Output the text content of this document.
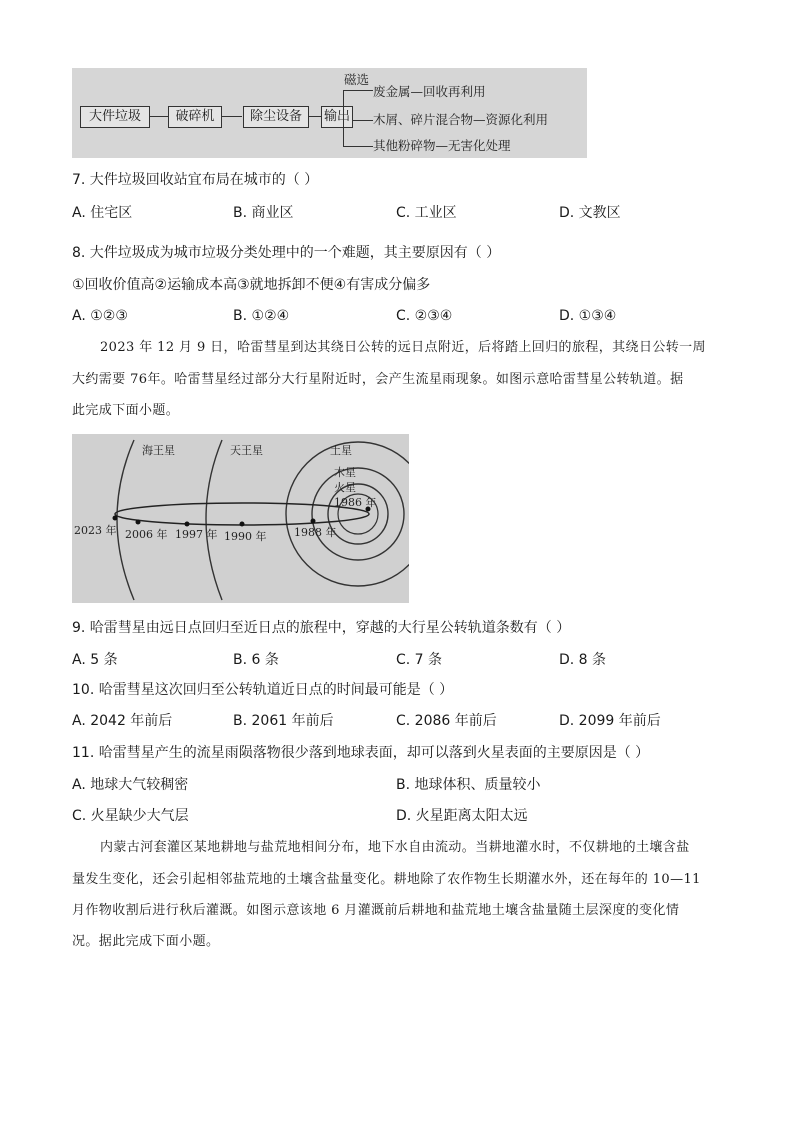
大件垃圾	破碎机	除尘设备	输出
磁选
废金属—回收再利用
木屑、碎片混合物—资源化利用
其他粉碎物—无害化处理
7. 大件垃圾回收站宜布局在城市的（ ）
A. 住宅区	B. 商业区	C. 工业区	D. 文教区
8. 大件垃圾成为城市垃圾分类处理中的一个难题，其主要原因有（ ）
①回收价值高②运输成本高③就地拆卸不便④有害成分偏多
A. ①②③	B. ①②④	C. ②③④	D. ①③④
2023 年 12 月 9 日，哈雷彗星到达其绕日公转的远日点附近，后将踏上回归的旅程，其绕日公转一周
大约需要 76年。哈雷彗星经过部分大行星附近时，会产生流星雨现象。如图示意哈雷彗星公转轨道。据
此完成下面小题。
海王星	天王星	土星
木星
火星
2023 年 2006 年 1997 年 1990 年	1988 年
1986 年
9. 哈雷彗星由远日点回归至近日点的旅程中，穿越的大行星公转轨道条数有（ ）
A. 5 条	B. 6 条	C. 7 条	D. 8 条
10. 哈雷彗星这次回归至公转轨道近日点的时间最可能是（ ）
A. 2042 年前后	B. 2061 年前后	C. 2086 年前后	D. 2099 年前后
11. 哈雷彗星产生的流星雨陨落物很少落到地球表面，却可以落到火星表面的主要原因是（ ）
A. 地球大气较稠密	B. 地球体积、质量较小
C. 火星缺少大气层	D. 火星距离太阳太远
内蒙古河套灌区某地耕地与盐荒地相间分布，地下水自由流动。当耕地灌水时，不仅耕地的土壤含盐
量发生变化，还会引起相邻盐荒地的土壤含盐量变化。耕地除了农作物生长期灌水外，还在每年的 10—11
月作物收割后进行秋后灌溉。如图示意该地 6 月灌溉前后耕地和盐荒地土壤含盐量随土层深度的变化情
况。据此完成下面小题。
